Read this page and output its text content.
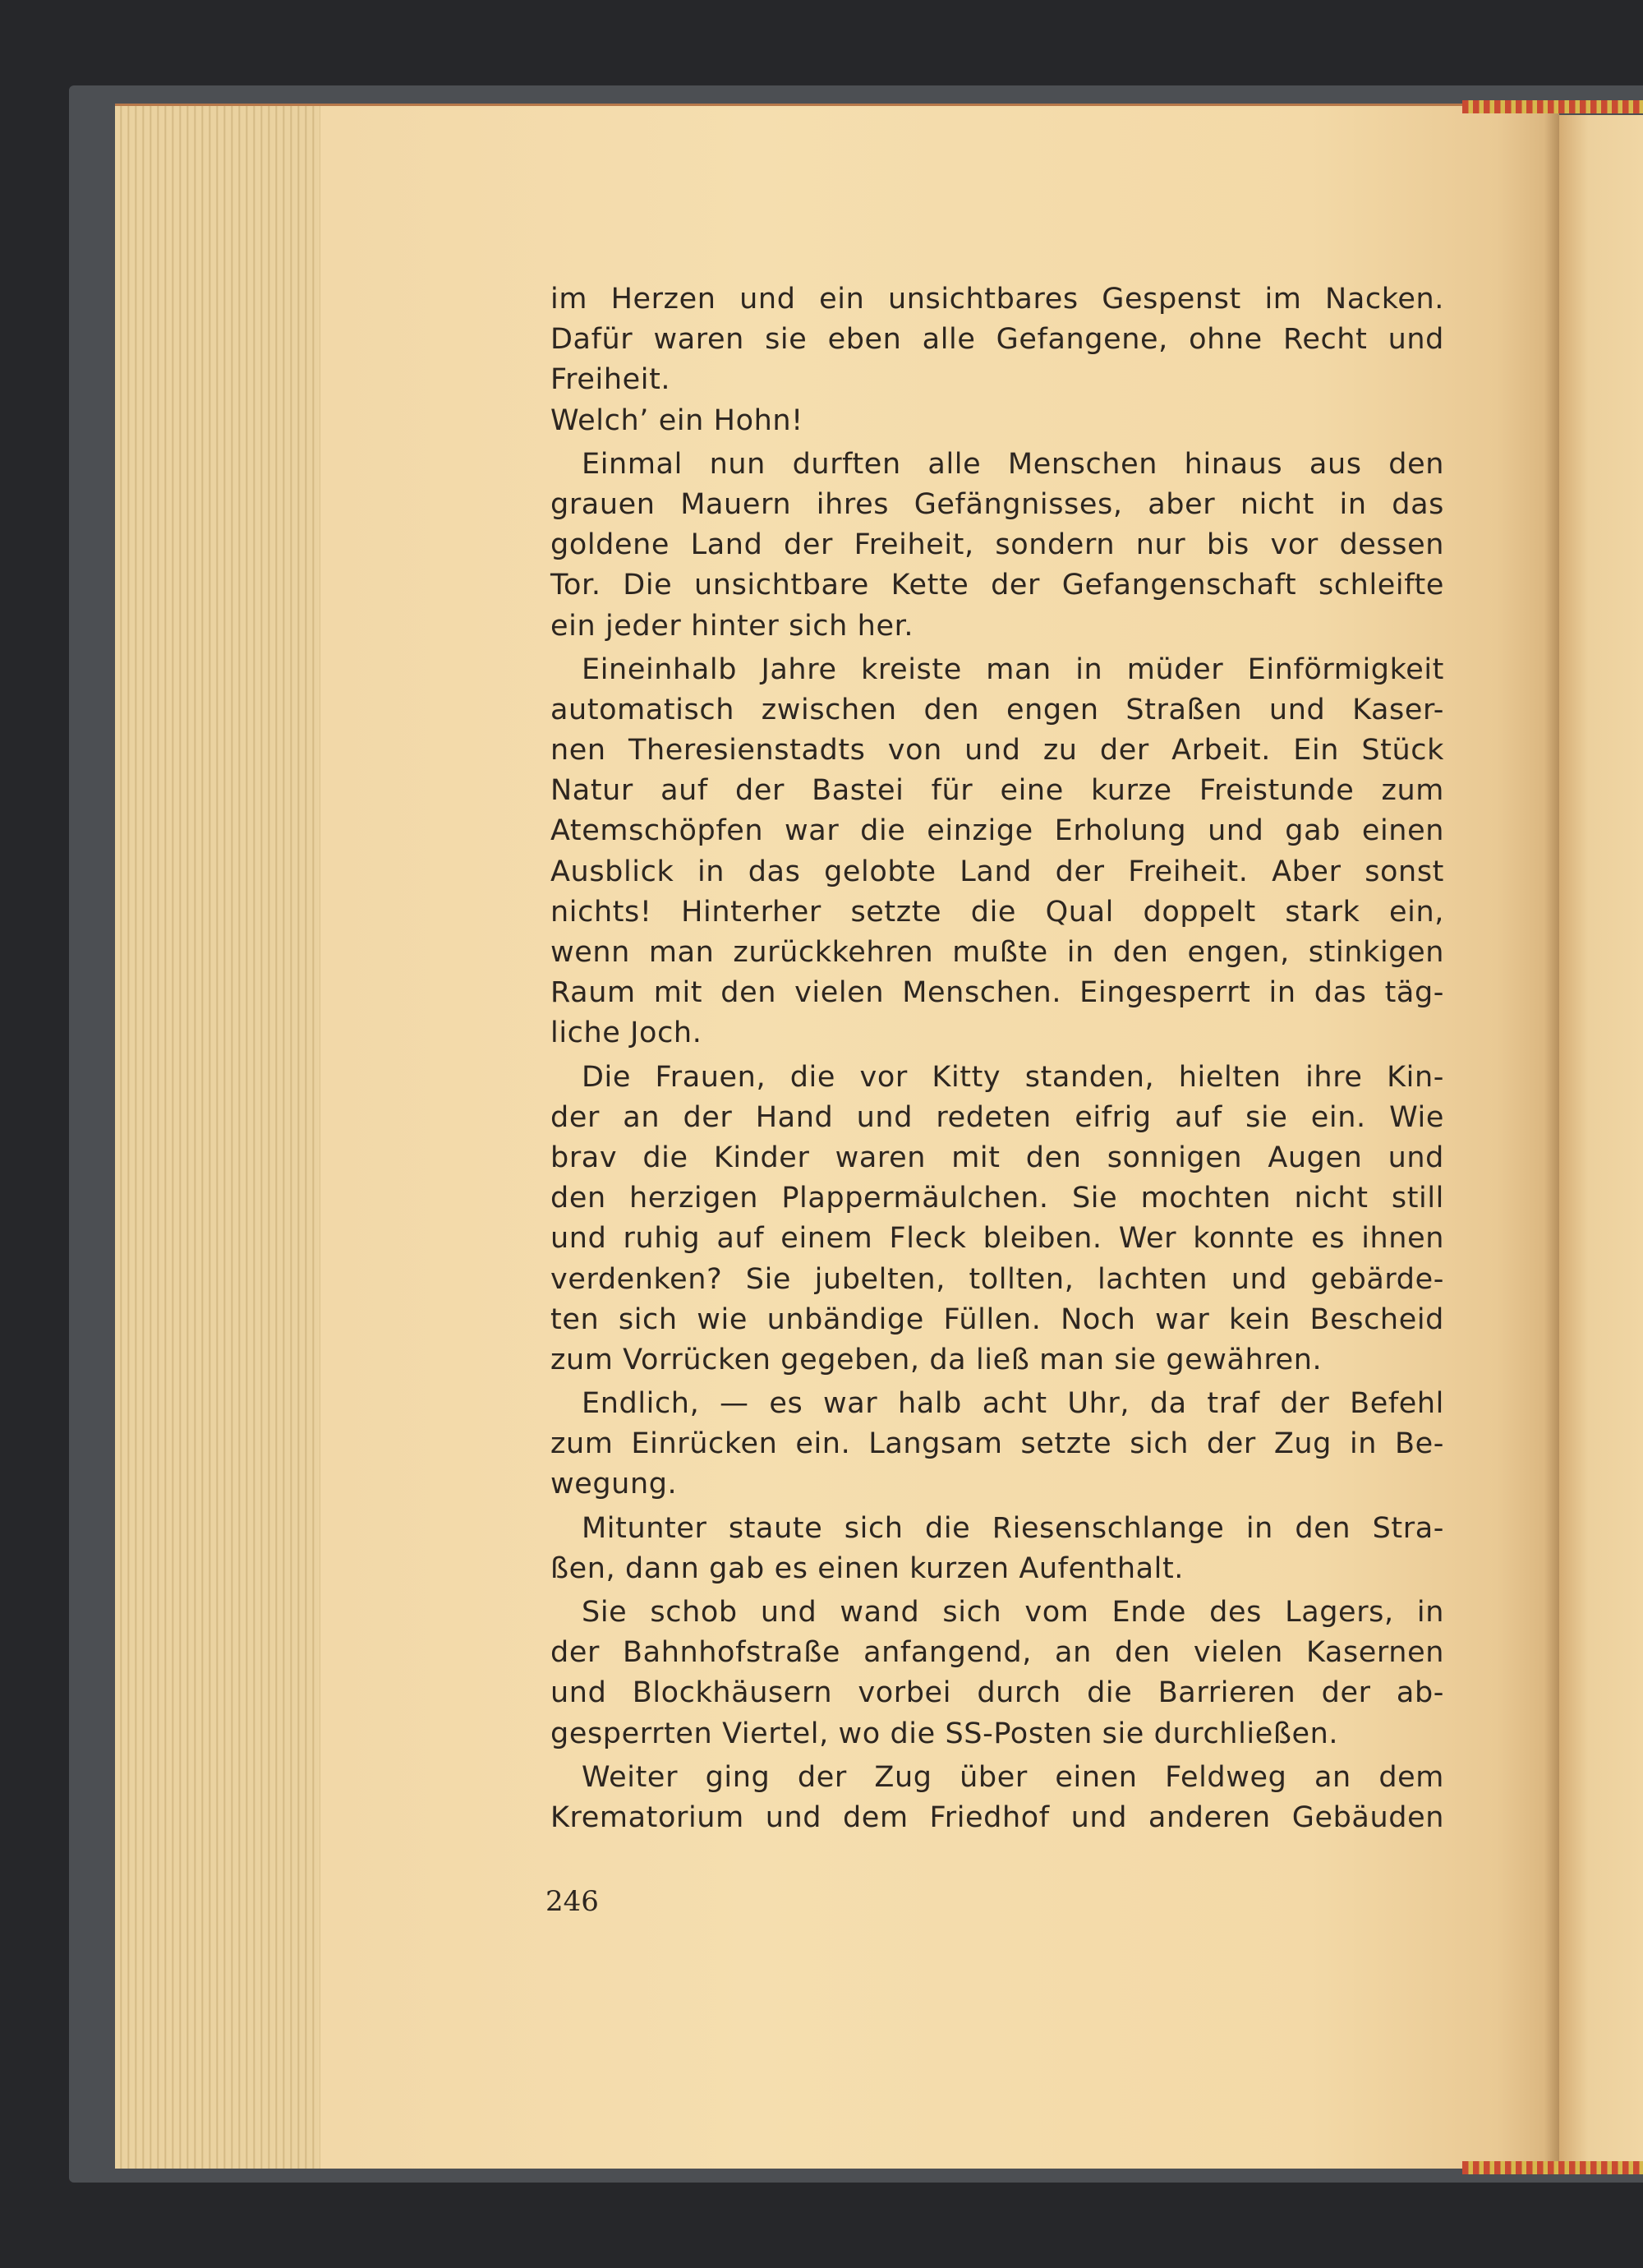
im Herzen und ein unsichtbares Gespenst im Nacken.
Dafür waren sie eben alle Gefangene, ohne Recht und
Freiheit.
Welch’ ein Hohn!
Einmal nun durften alle Menschen hinaus aus den
grauen Mauern ihres Gefängnisses, aber nicht in das
goldene Land der Freiheit, sondern nur bis vor dessen
Tor. Die unsichtbare Kette der Gefangenschaft schleifte
ein jeder hinter sich her.
Eineinhalb Jahre kreiste man in müder Einförmigkeit
automatisch zwischen den engen Straßen und Kaser-
nen Theresienstadts von und zu der Arbeit. Ein Stück
Natur auf der Bastei für eine kurze Freistunde zum
Atemschöpfen war die einzige Erholung und gab einen
Ausblick in das gelobte Land der Freiheit. Aber sonst
nichts! Hinterher setzte die Qual doppelt stark ein,
wenn man zurückkehren mußte in den engen, stinkigen
Raum mit den vielen Menschen. Eingesperrt in das täg-
liche Joch.
Die Frauen, die vor Kitty standen, hielten ihre Kin-
der an der Hand und redeten eifrig auf sie ein. Wie
brav die Kinder waren mit den sonnigen Augen und
den herzigen Plappermäulchen. Sie mochten nicht still
und ruhig auf einem Fleck bleiben. Wer konnte es ihnen
verdenken? Sie jubelten, tollten, lachten und gebärde-
ten sich wie unbändige Füllen. Noch war kein Bescheid
zum Vorrücken gegeben, da ließ man sie gewähren.
Endlich, — es war halb acht Uhr, da traf der Befehl
zum Einrücken ein. Langsam setzte sich der Zug in Be-
wegung.
Mitunter staute sich die Riesenschlange in den Stra-
ßen, dann gab es einen kurzen Aufenthalt.
Sie schob und wand sich vom Ende des Lagers, in
der Bahnhofstraße anfangend, an den vielen Kasernen
und Blockhäusern vorbei durch die Barrieren der ab-
gesperrten Viertel, wo die SS-Posten sie durchließen.
Weiter ging der Zug über einen Feldweg an dem
Krematorium und dem Friedhof und anderen Gebäuden
246
